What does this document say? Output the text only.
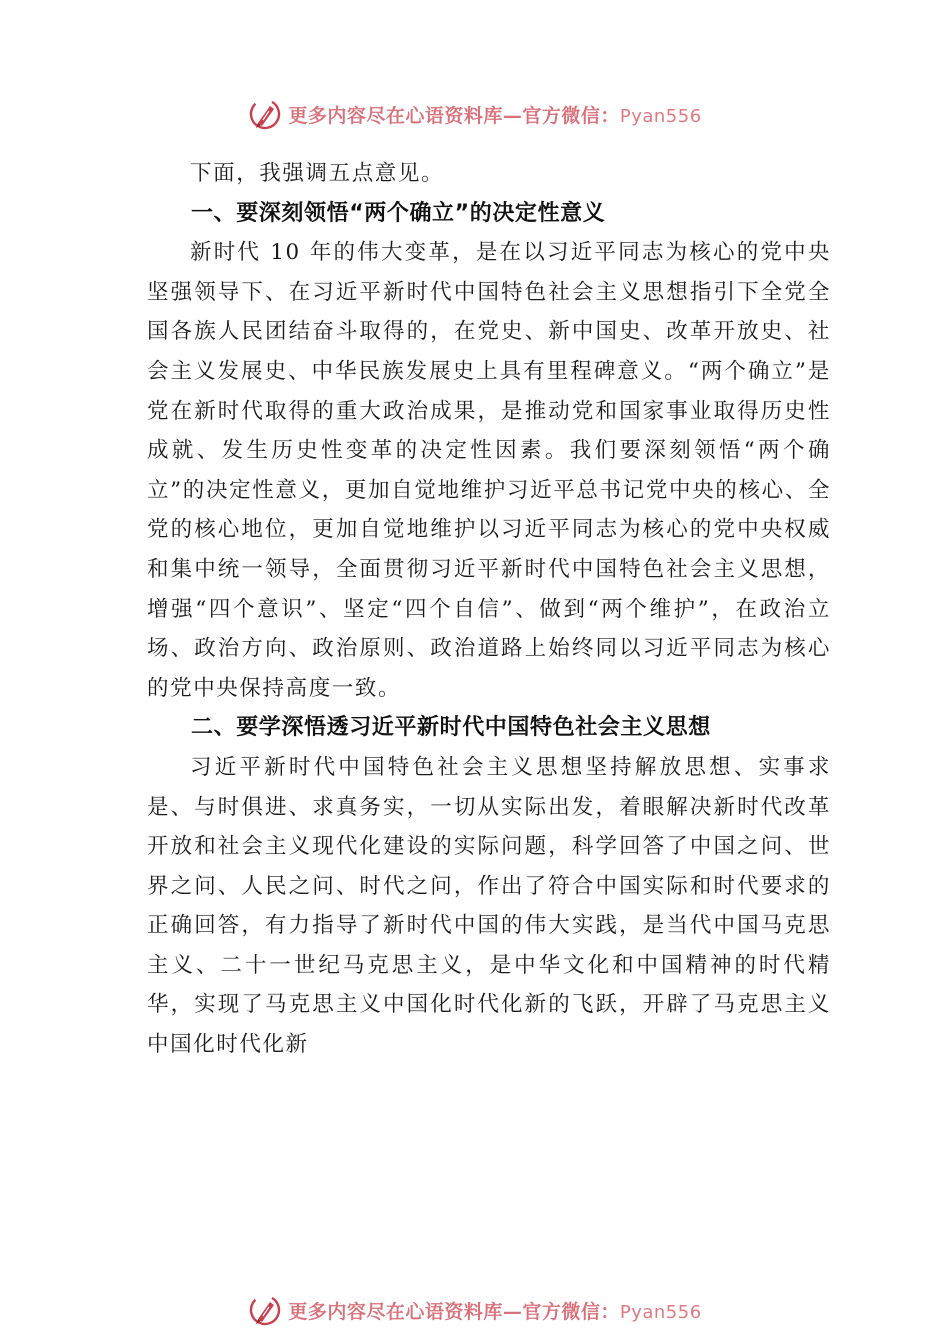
更多内容尽在心语资料库—官方微信：Pyan556

下面，我强调五点意见。

一、要深刻领悟“两个确立”的决定性意义

新时代 10 年的伟大变革，是在以习近平同志为核心的党中央坚强领导下、在习近平新时代中国特色社会主义思想指引下全党全国各族人民团结奋斗取得的，在党史、新中国史、改革开放史、社会主义发展史、中华民族发展史上具有里程碑意义。“两个确立”是党在新时代取得的重大政治成果，是推动党和国家事业取得历史性成就、发生历史性变革的决定性因素。我们要深刻领悟“两个确立”的决定性意义，更加自觉地维护习近平总书记党中央的核心、全党的核心地位，更加自觉地维护以习近平同志为核心的党中央权威和集中统一领导，全面贯彻习近平新时代中国特色社会主义思想，增强“四个意识”、坚定“四个自信”、做到“两个维护”，在政治立场、政治方向、政治原则、政治道路上始终同以习近平同志为核心的党中央保持高度一致。

二、要学深悟透习近平新时代中国特色社会主义思想

习近平新时代中国特色社会主义思想坚持解放思想、实事求是、与时俱进、求真务实，一切从实际出发，着眼解决新时代改革开放和社会主义现代化建设的实际问题，科学回答了中国之问、世界之问、人民之问、时代之问，作出了符合中国实际和时代要求的正确回答，有力指导了新时代中国的伟大实践，是当代中国马克思主义、二十一世纪马克思主义，是中华文化和中国精神的时代精华，实现了马克思主义中国化时代化新的飞跃，开辟了马克思主义中国化时代化新

更多内容尽在心语资料库—官方微信：Pyan556
